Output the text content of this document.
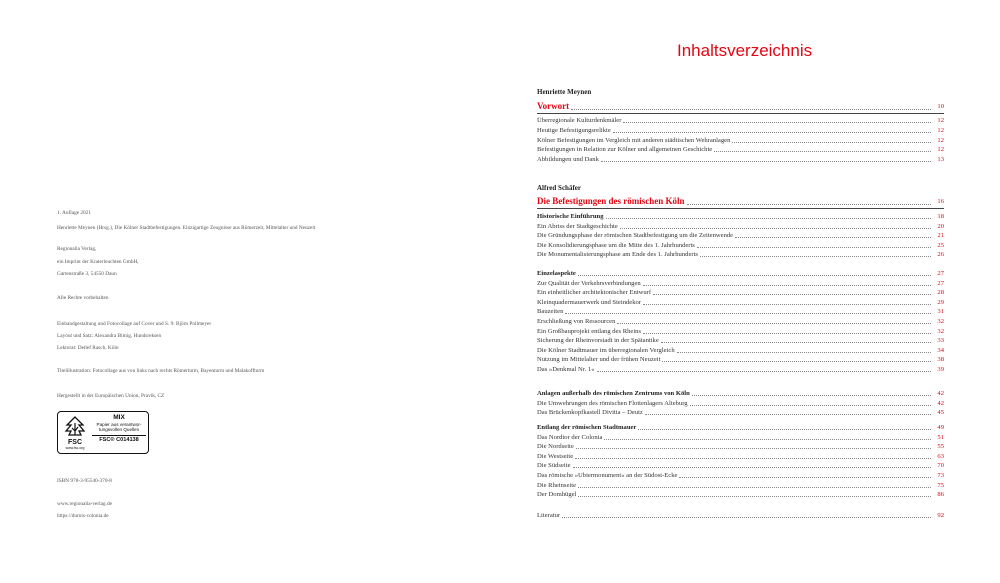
1. Auflage 2021
Henriette Meynen (Hrsg.), Die Kölner Stadtbefestigungen. Einzigartige Zeugnisse aus Römerzeit, Mittelalter und Neuzeit
Regionalia Verlag,
ein Imprint der Kraterleuchten GmbH,
Gartenstraße 3, 54550 Daun
Alle Rechte vorbehalten
Einbandgestaltung und Fotocollage auf Cover und S. 9: Björn Pollmeyer
Layout und Satz: Alexandra Bimig, Hundsreksen
Lektorat: Detlef Rasch, Köln
Titelillustration: Fotocollage aus von links nach rechts Römerturm, Bayenturm und Malakoffturm
Hergestellt in der Europäischen Union, Pravik, CZ
FSC
www.fsc.org
MIX
Papier aus verantwor-
tungsvollen Quellen
FSC® C014138
ISBN 978-3-95540-370-8
www.regionalia-verlag.de
https://durnis-colonia.de
Inhaltsverzeichnis
Henriette Meynen
Vorwort	10
Überregionale Kulturdenkmäler	12
Heutige Befestigungsrelikte	12
Kölner Befestigungen im Vergleich mit anderen städtischen Wehranlagen	12
Befestigungen in Relation zur Kölner und allgemeinen Geschichte	12
Abbildungen und Dank	13
Alfred Schäfer
Die Befestigungen des römischen Köln	16
Historische Einführung	18
Ein Abriss der Stadtgeschichte	20
Die Gründungsphase der römischen Stadtbefestigung um die Zeitenwende	21
Die Konsolidierungsphase um die Mitte des 1. Jahrhunderts	25
Die Monumentalisierungsphase am Ende des 1. Jahrhunderts	26
Einzelaspekte	27
Zur Qualität der Verkehrsverbindungen	27
Ein einheitlicher architektonischer Entwurf	28
Kleinquadermauerwerk und Steindekor	29
Bauzeiten	31
Erschließung von Ressourcen	32
Ein Großbauprojekt entlang des Rheins	32
Sicherung der Rheinvorstadt in der Spätantike	33
Die Kölner Stadtmauer im überregionalen Vergleich	34
Nutzung im Mittelalter und der frühen Neuzeit	38
Das »Denkmal Nr. 1«	39
Anlagen außerhalb des römischen Zentrums von Köln	42
Die Umwehrungen des römischen Flottenlagers Alteburg	42
Das Brückenkopfkastell Divitia – Deutz	45
Entlang der römischen Stadtmauer	49
Das Nordtor der Colonia	51
Die Nordseite	55
Die Westseite	63
Die Südseite	70
Das römische »Ubiermonument« an der Südost-Ecke	73
Die Rheinseite	75
Der Domhügel	86
Literatur	92
